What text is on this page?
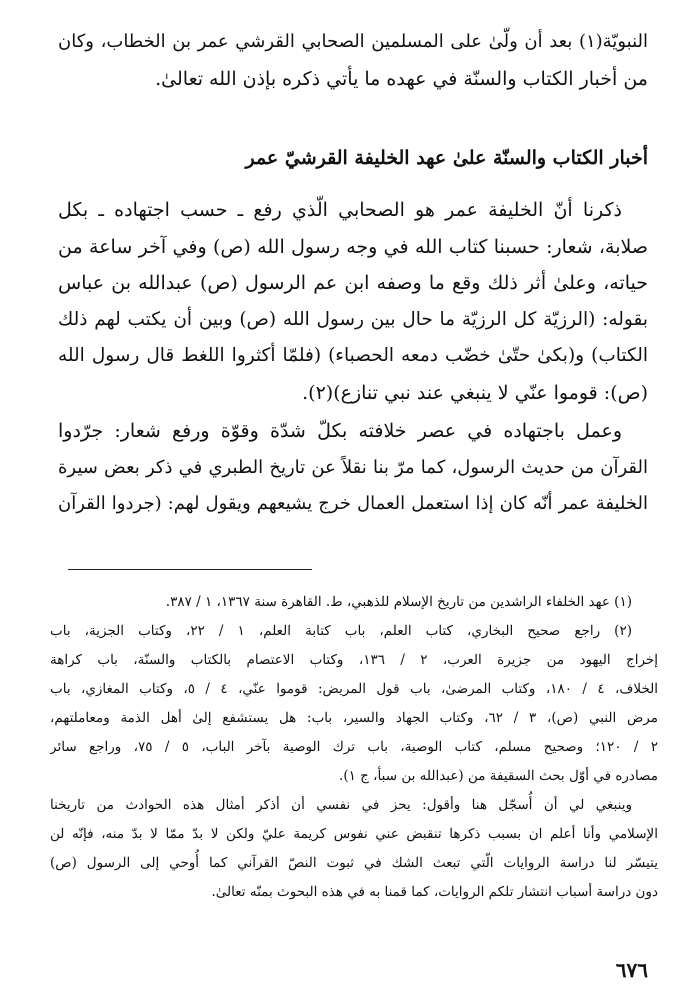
النبويّة(١) بعد أن ولّىٰ على المسلمين الصحابي القرشي عمر بن الخطاب، وكان
من أخبار الكتاب والسنّة في عهده ما يأتي ذكره بإذن الله تعالىٰ.
أخبار الكتاب والسنّة علىٰ عهد الخليفة القرشيّ عمر
ذكرنا أنّ الخليفة عمر هو الصحابي الّذي رفع ـ حسب اجتهاده ـ بكل
صلابة، شعار: حسبنا كتاب الله في وجه رسول الله (ص) وفي آخر ساعة من
حياته، وعلىٰ أثر ذلك وقع ما وصفه ابن عم الرسول (ص) عبدالله بن عباس
بقوله: (الرزيّة كل الرزيّة ما حال بين رسول الله (ص) وبين أن يكتب لهم ذلك
الكتاب) و(بكىٰ حتّىٰ خضّب دمعه الحصباء) (فلمّا أكثروا اللغط قال رسول الله
(ص): قوموا عنّي لا ينبغي عند نبي تنازع)(٢).
وعمل باجتهاده في عصر خلافته بكلّ شدّة وقوّة ورفع شعار: جرّدوا
القرآن من حديث الرسول، كما مرّ بنا نقلاً عن تاريخ الطبري في ذكر بعض سيرة
الخليفة عمر أنّه كان إذا استعمل العمال خرج يشيعهم ويقول لهم: (جردوا القرآن
(١) عهد الخلفاء الراشدين من تاريخ الإسلام للذهبي، ط. القاهرة سنة ١٣٦٧، ١ / ٣٨٧.
(٢) راجع صحيح البخاري، كتاب العلم، باب كتابة العلم، ١ / ٢٢، وكتاب الجزية، باب
إخراج اليهود من جزيرة العرب، ٢ / ١٣٦، وكتاب الاعتصام بالكتاب والسنّة، باب كراهة
الخلاف، ٤ / ١٨٠، وكتاب المرضىٰ، باب قول المريض: قوموا عنّي، ٤ / ٥، وكتاب المغازي، باب
مرض النبي (ص)، ٣ / ٦٢، وكتاب الجهاد والسير، باب: هل يستشفع إلىٰ أهل الذمة ومعاملتهم،
٢ / ١٢٠؛ وصحيح مسلم، كتاب الوصية، باب ترك الوصية بآخر الباب، ٥ / ٧٥، وراجع سائر
مصادره في أوّل بحث السقيفة من (عبدالله بن سبأ، ج ١).
وينبغي لي أن أُسجّل هنا وأقول: يحز في نفسي أن أذكر أمثال هذه الحوادث من تاريخنا
الإسلامي وأنا أعلم ان بسبب ذكرها تنقبض عني نفوس كريمة عليّ ولكن لا بدّ ممّا لا بدّ منه، فإنّه لن
يتيسّر لنا دراسة الروايات الّتي تبعث الشك في ثبوت النصّ القرآني كما أُوحي إلى الرسول (ص)
دون دراسة أسباب انتشار تلكم الروايات، كما قمنا به في هذه البحوث بمنّه تعالىٰ.
٦٧٦
